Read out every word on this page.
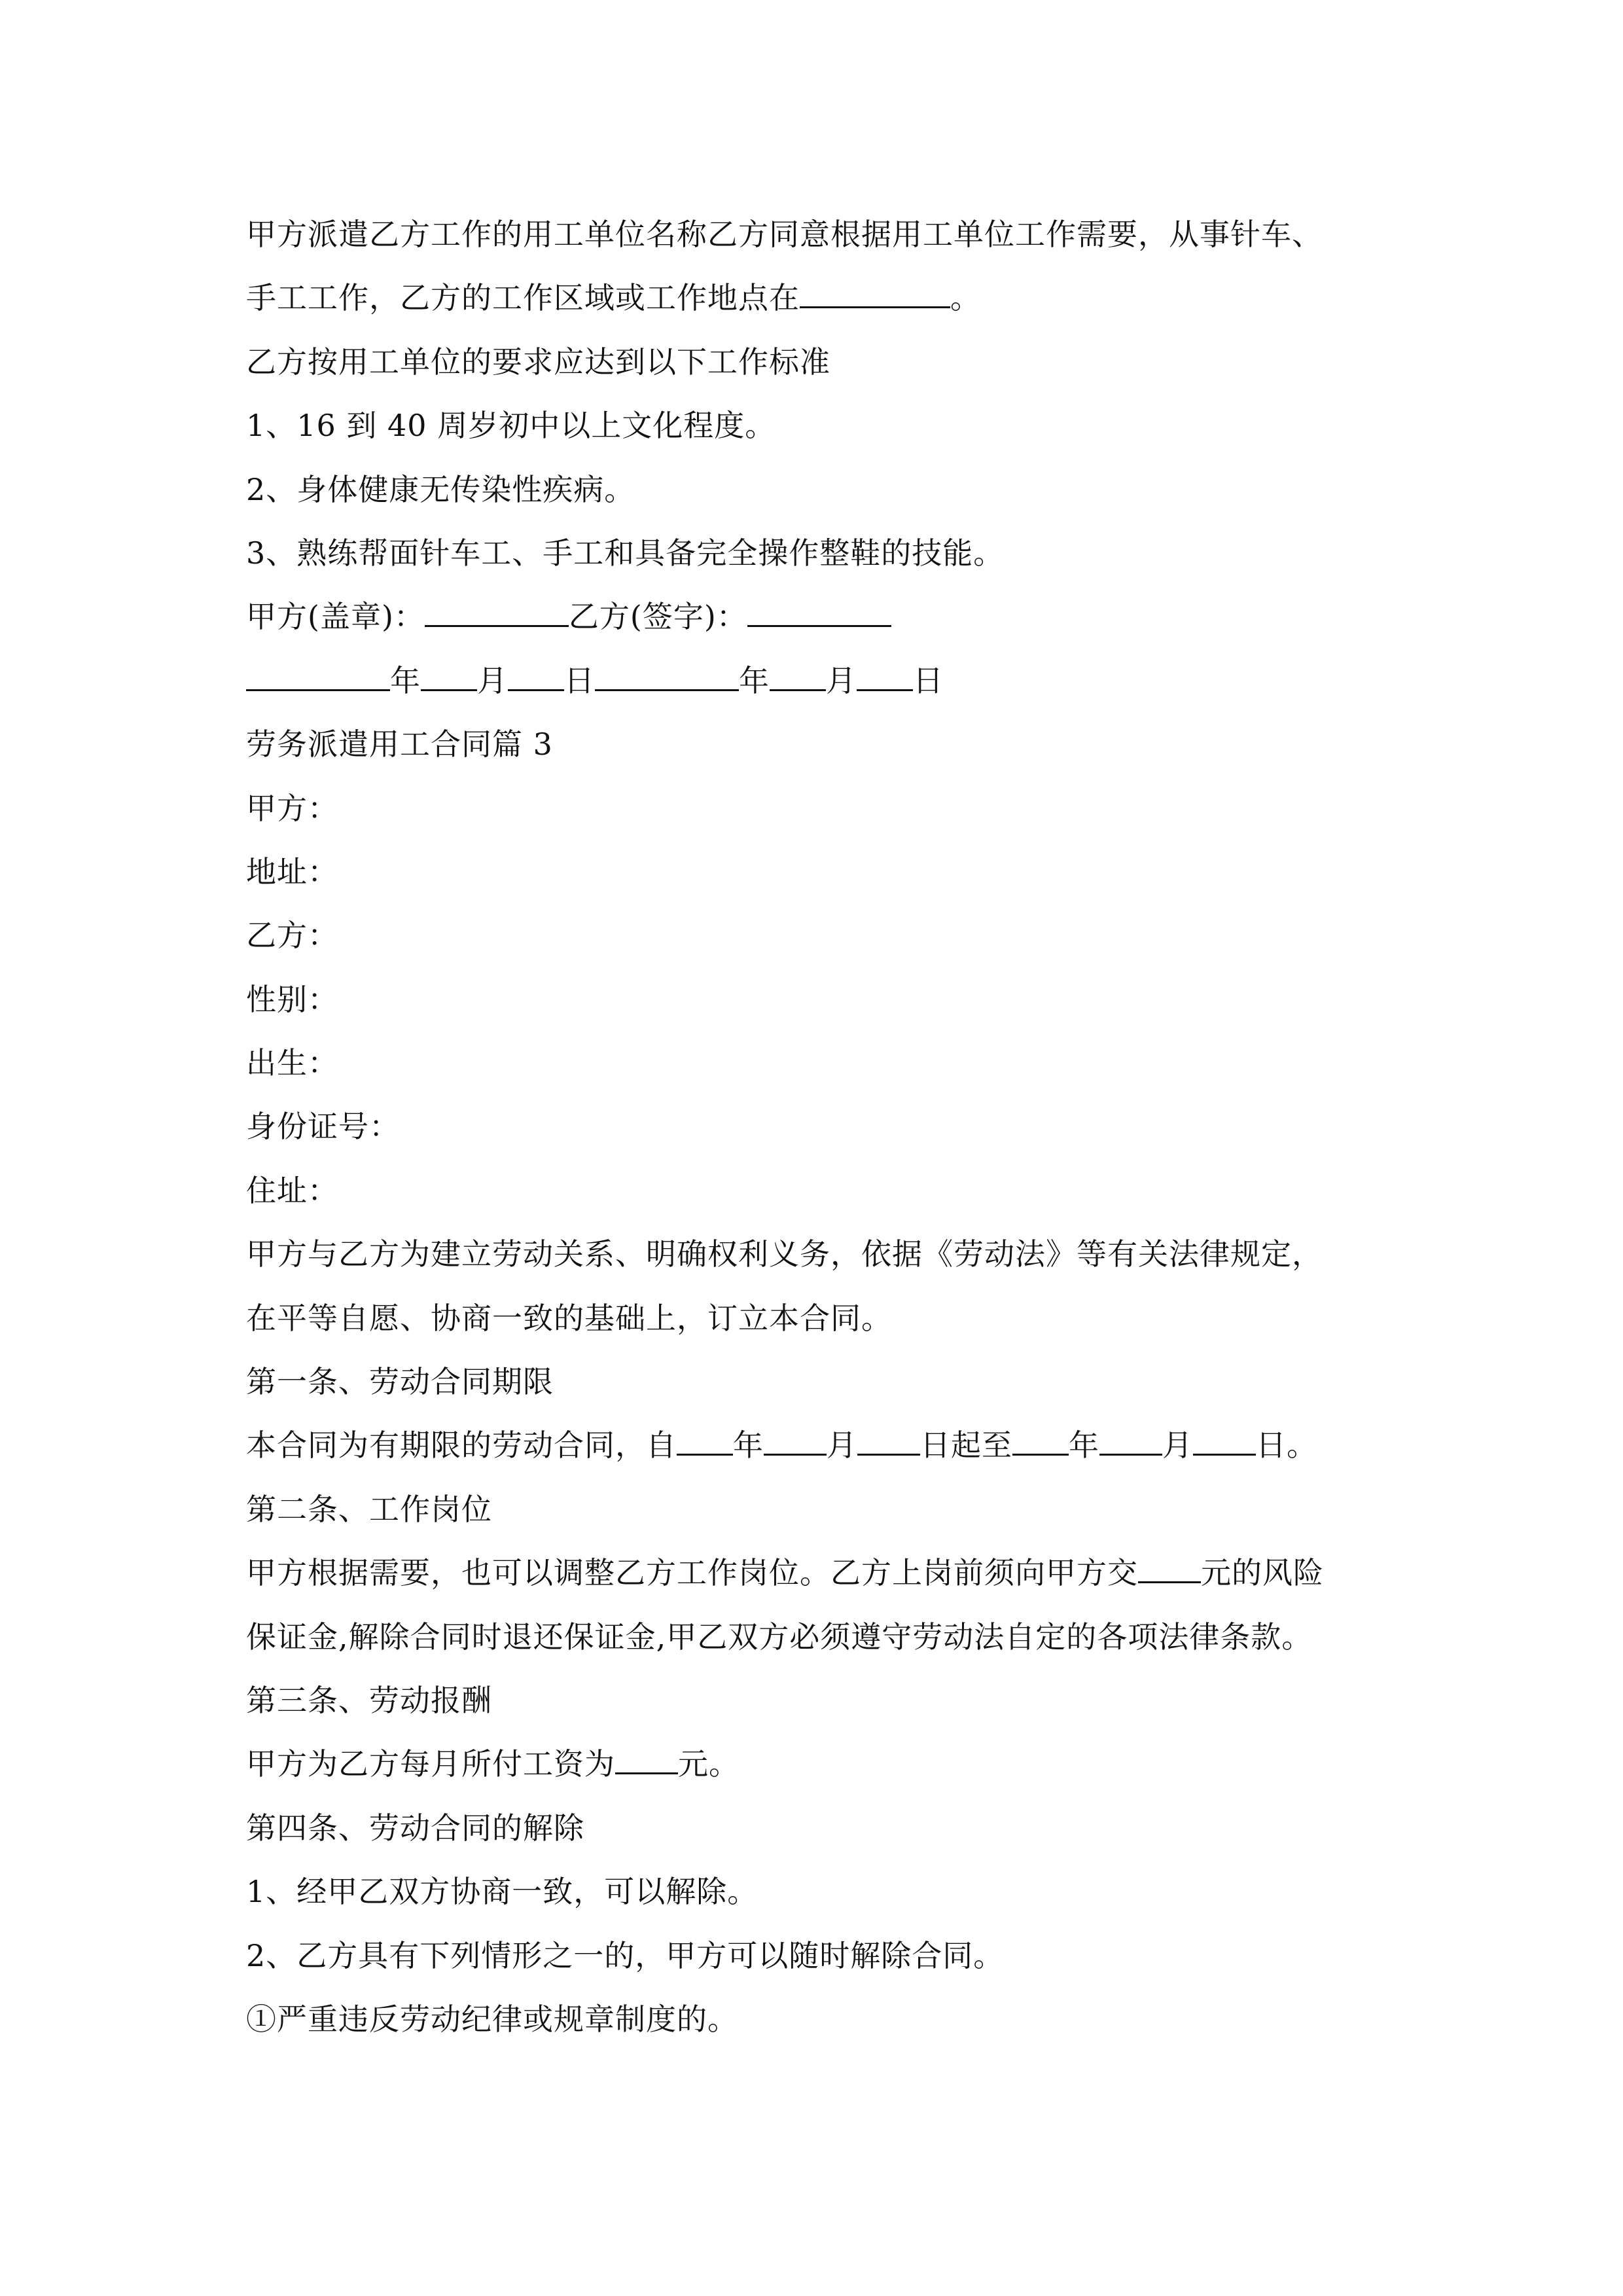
甲方派遣乙方工作的用工单位名称乙方同意根据用工单位工作需要，从事针车、
手工工作，乙方的工作区域或工作地点在	。
乙方按用工单位的要求应达到以下工作标准
1、16 到 40 周岁初中以上文化程度。
2、身体健康无传染性疾病。
3、熟练帮面针车工、手工和具备完全操作整鞋的技能。
甲方(盖章)：	乙方(签字)：
年 月 日	年 月 日
劳务派遣用工合同篇 3
甲方：
地址：
乙方：
性别：
出生：
身份证号：
住址：
甲方与乙方为建立劳动关系、明确权利义务，依据《劳动法》等有关法律规定，
在平等自愿、协商一致的基础上，订立本合同。
第一条、劳动合同期限
本合同为有期限的劳动合同，自 年 月 日起至 年 月 日。
第二条、工作岗位
甲方根据需要，也可以调整乙方工作岗位。乙方上岗前须向甲方交 元的风险
保证金,解除合同时退还保证金,甲乙双方必须遵守劳动法自定的各项法律条款。
第三条、劳动报酬
甲方为乙方每月所付工资为 元。
第四条、劳动合同的解除
1、经甲乙双方协商一致，可以解除。
2、乙方具有下列情形之一的，甲方可以随时解除合同。
①严重违反劳动纪律或规章制度的。
